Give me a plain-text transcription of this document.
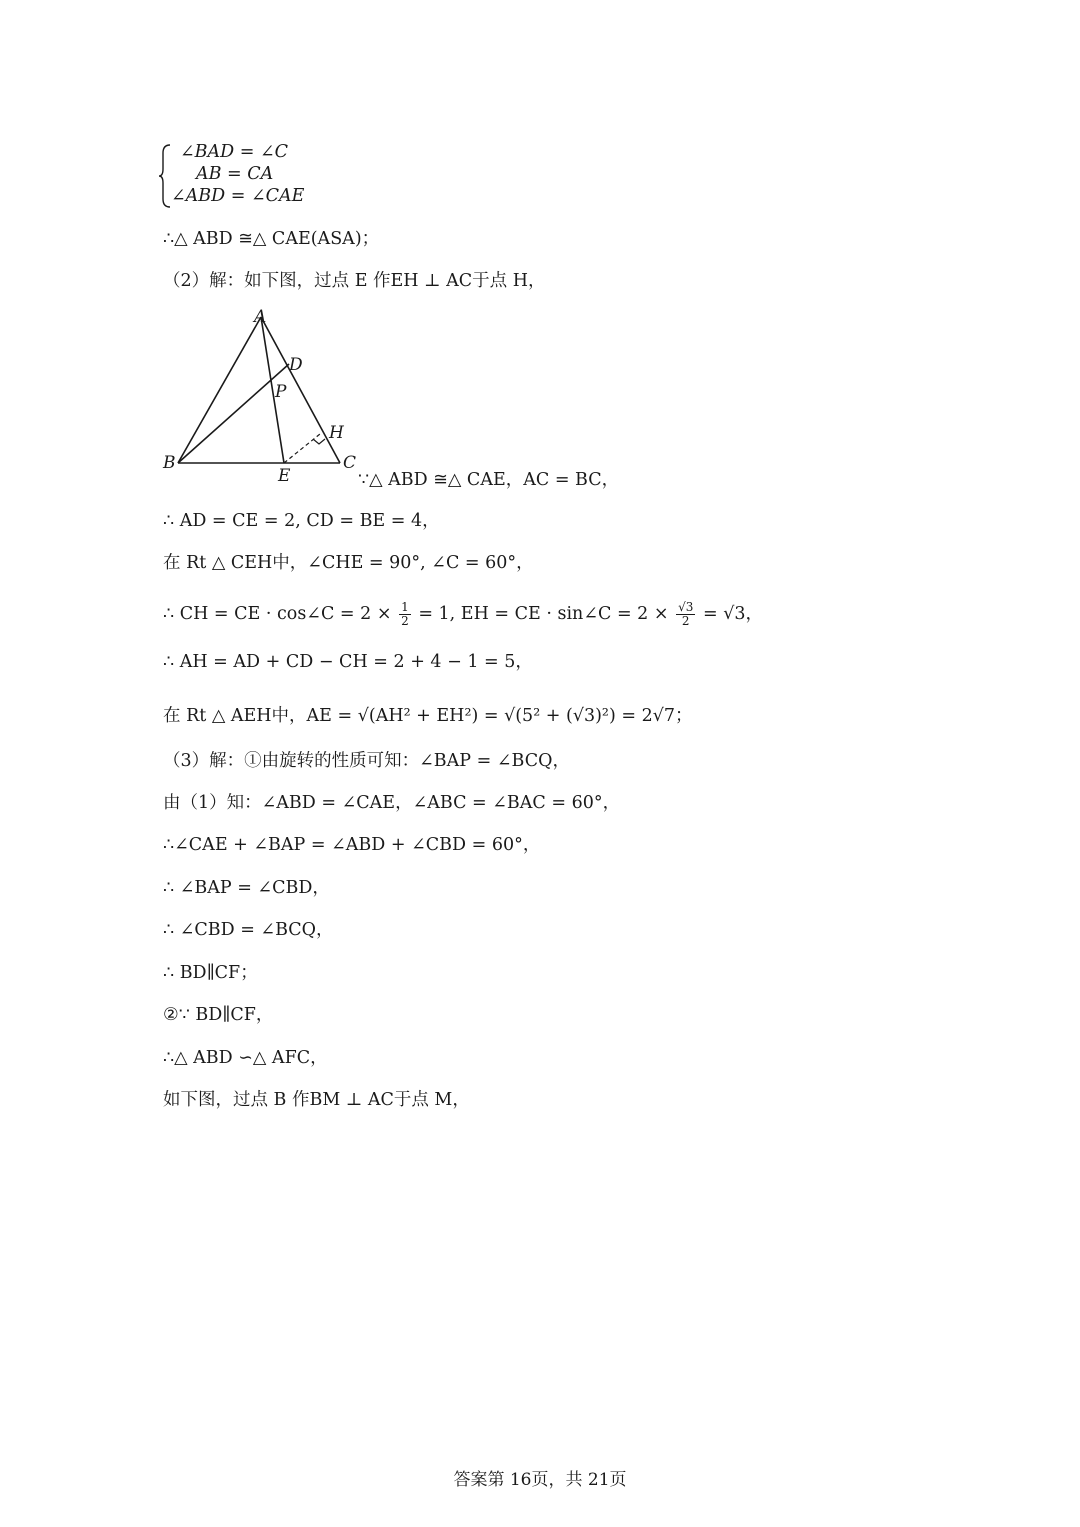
∠BAD = ∠C
AB = CA
∠ABD = ∠CAE
∴△ ABD ≅△ CAE(ASA)；
（2）解：如下图，过点 E 作EH ⊥ AC于点 H，
A
B	C
D
E
H
P
∵△ ABD ≅△ CAE，AC = BC，
∴ AD = CE = 2, CD = BE = 4，
在 Rt △ CEH中，∠CHE = 90°, ∠C = 60°，
∴ CH = CE · cos∠C = $2 \times \frac{1}{2} = 1$, EH = CE · sin∠C = $2 \times \frac{√3}{2} = √3$，
∴ AH = AD + CD − CH = 2 + 4 − 1 = 5，
在 Rt △ AEH中，AE = √(AH² + EH²) = √(5² + (√3)²) = 2√7；
（3）解：①由旋转的性质可知：∠BAP = ∠BCQ，
由（1）知：∠ABD = ∠CAE，∠ABC = ∠BAC = 60°，
∴∠CAE + ∠BAP = ∠ABD + ∠CBD = 60°，
∴ ∠BAP = ∠CBD，
∴ ∠CBD = ∠BCQ，
∴ BD∥CF；
②∵ BD∥CF，
∴△ ABD ∽△ AFC，
如下图，过点 B 作BM ⊥ AC于点 M，
答案第 16页，共 21页
